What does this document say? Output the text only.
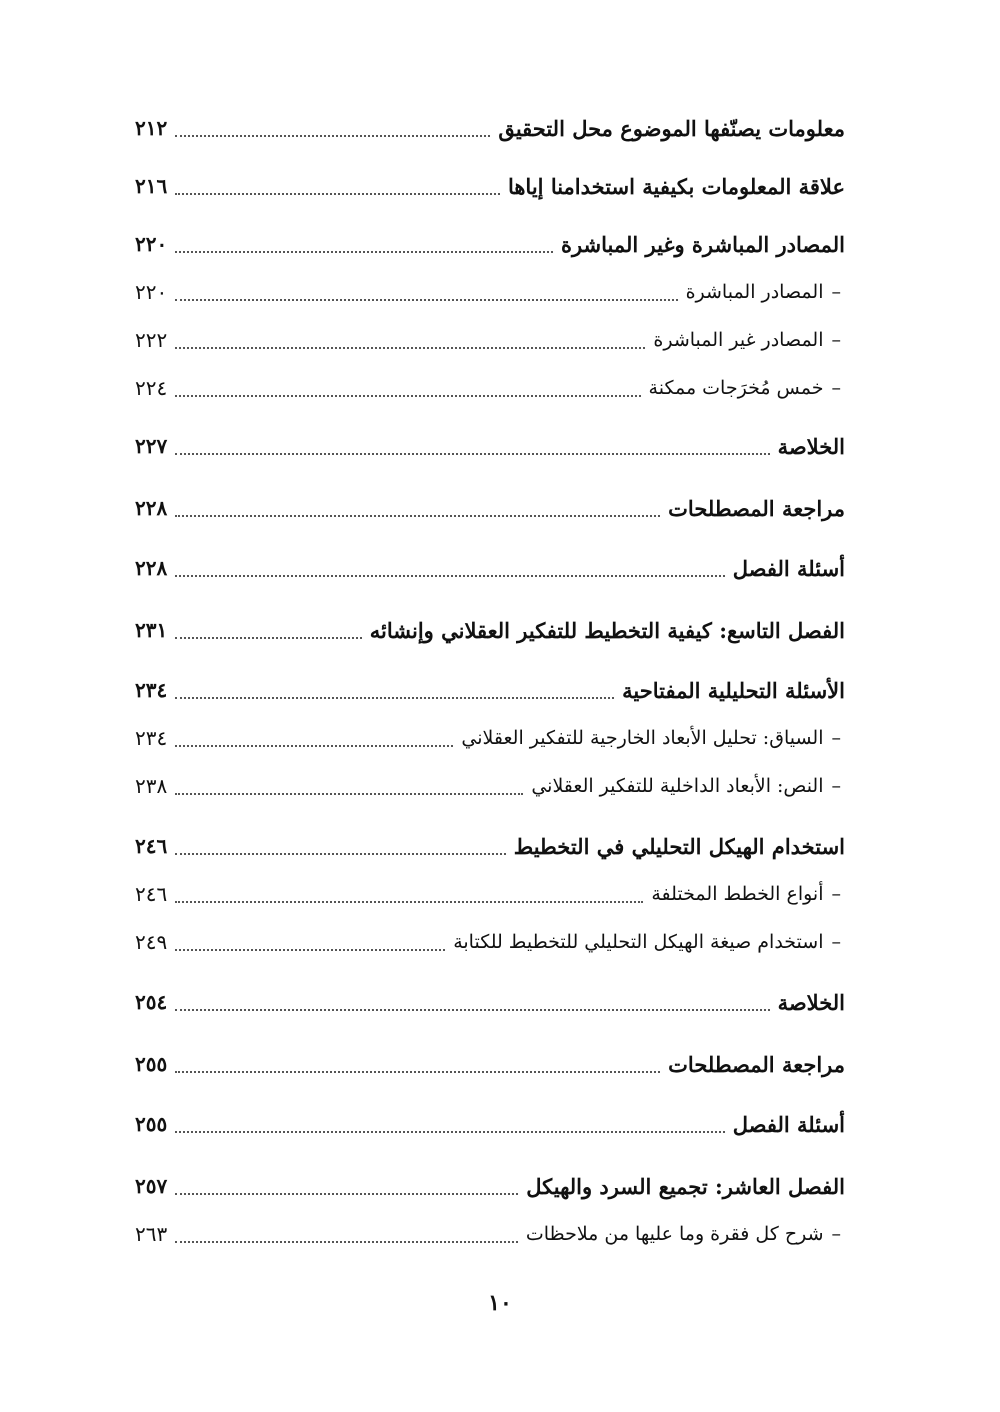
معلومات يصنّفها الموضوع محل التحقيق
٢١٢
علاقة المعلومات بكيفية استخدامنا إياها
٢١٦
المصادر المباشرة وغير المباشرة
٢٢٠
–المصادر المباشرة
٢٢٠
–المصادر غير المباشرة
٢٢٢
–خمس مُخرَجات ممكنة
٢٢٤
الخلاصة
٢٢٧
مراجعة المصطلحات
٢٢٨
أسئلة الفصل
٢٢٨
الفصل التاسع: كيفية التخطيط للتفكير العقلاني وإنشائه
٢٣١
الأسئلة التحليلية المفتاحية
٢٣٤
–السياق: تحليل الأبعاد الخارجية للتفكير العقلاني
٢٣٤
–النص: الأبعاد الداخلية للتفكير العقلاني
٢٣٨
استخدام الهيكل التحليلي في التخطيط
٢٤٦
–أنواع الخطط المختلفة
٢٤٦
–استخدام صيغة الهيكل التحليلي للتخطيط للكتابة
٢٤٩
الخلاصة
٢٥٤
مراجعة المصطلحات
٢٥٥
أسئلة الفصل
٢٥٥
الفصل العاشر: تجميع السرد والهيكل
٢٥٧
–شرح كل فقرة وما عليها من ملاحظات
٢٦٣
١٠
